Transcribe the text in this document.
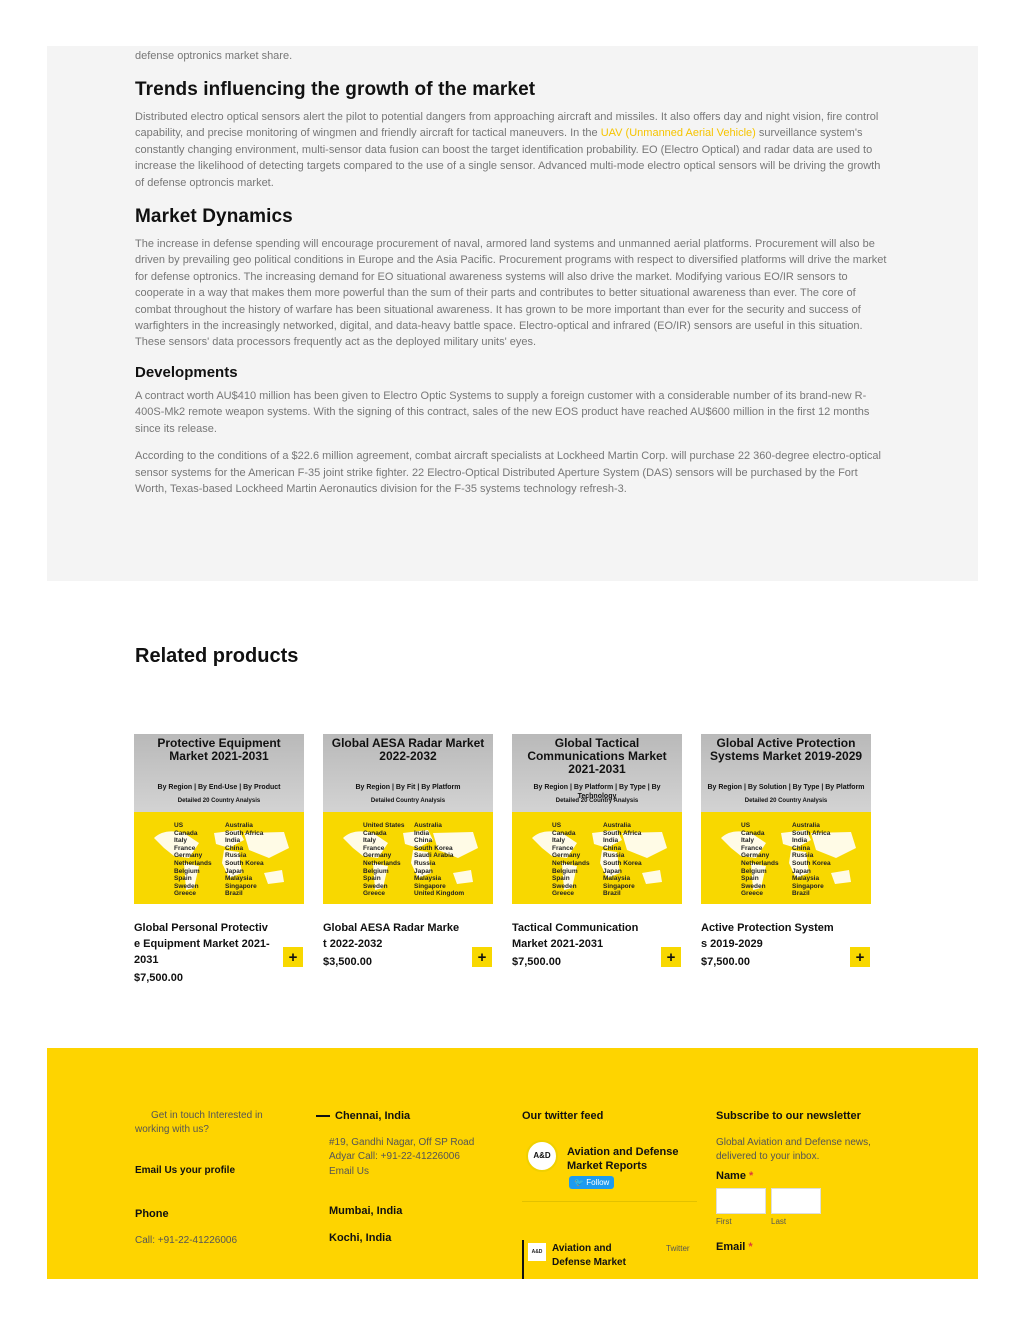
defense optronics market share.

Trends influencing the growth of the market

Distributed electro optical sensors alert the pilot to potential dangers from approaching aircraft and missiles. It also offers day and night vision, fire control capability, and precise monitoring of wingmen and friendly aircraft for tactical maneuvers. In the UAV (Unmanned Aerial Vehicle) surveillance system's constantly changing environment, multi-sensor data fusion can boost the target identification probability. EO (Electro Optical) and radar data are used to increase the likelihood of detecting targets compared to the use of a single sensor. Advanced multi-mode electro optical sensors will be driving the growth of defense optroncis market.

Market Dynamics

The increase in defense spending will encourage procurement of naval, armored land systems and unmanned aerial platforms. Procurement will also be driven by prevailing geo political conditions in Europe and the Asia Pacific. Procurement programs with respect to diversified platforms will drive the market for defense optronics. The increasing demand for EO situational awareness systems will also drive the market. Modifying various EO/IR sensors to cooperate in a way that makes them more powerful than the sum of their parts and contributes to better situational awareness than ever. The core of combat throughout the history of warfare has been situational awareness. It has grown to be more important than ever for the security and success of warfighters in the increasingly networked, digital, and data-heavy battle space. Electro-optical and infrared (EO/IR) sensors are useful in this situation. These sensors' data processors frequently act as the deployed military units' eyes.

Developments

A contract worth AU$410 million has been given to Electro Optic Systems to supply a foreign customer with a considerable number of its brand-new R-400S-Mk2 remote weapon systems. With the signing of this contract, sales of the new EOS product have reached AU$600 million in the first 12 months since its release.

According to the conditions of a $22.6 million agreement, combat aircraft specialists at Lockheed Martin Corp. will purchase 22 360-degree electro-optical sensor systems for the American F-35 joint strike fighter. 22 Electro-Optical Distributed Aperture System (DAS) sensors will be purchased by the Fort Worth, Texas-based Lockheed Martin Aeronautics division for the F-35 systems technology refresh-3.

Related products
Protective Equipment Market 2021-2031
By Region | By End-Use | By Product
Detailed 20 Country Analysis
US
Canada
Italy
France
Germany
Netherlands
Belgium
Spain
Sweden
Greece
Australia
South Africa
India
China
Russia
South Korea
Japan
Malaysia
Singapore
Brazil
Global Personal Protective Equipment Market 2021-2031
$7,500.00
+
Global AESA Radar Market 2022-2032
By Region | By Fit | By Platform
Detailed Country Analysis
United States
Canada
Italy
France
Germany
Netherlands
Belgium
Spain
Sweden
Greece
Australia
India
China
South Korea
Saudi Arabia
Russia
Japan
Malaysia
Singapore
United Kingdom
Global AESA Radar Market 2022-2032
$3,500.00	+
Global Tactical Communications Market 2021-2031
By Region | By Platform | By Type | By Technology
Detailed 20 Country Analysis
US
Canada
Italy
France
Germany
Netherlands
Belgium
Spain
Sweden
Greece
Australia
South Africa
India
China
Russia
South Korea
Japan
Malaysia
Singapore
Brazil
Tactical Communication Market 2021-2031
$7,500.00	+
Global Active Protection Systems Market 2019-2029
By Region | By Solution | By Type | By Platform
Detailed 20 Country Analysis
US
Canada
Italy
France
Germany
Netherlands
Belgium
Spain
Sweden
Greece
Australia
South Africa
India
China
Russia
South Korea
Japan
Malaysia
Singapore
Brazil
Active Protection Systems 2019-2029
$7,500.00	+

Get in touch Interested in working with us?

Email Us your profile

Phone

Call: +91-22-41226006

Chennai, India

#19, Gandhi Nagar, Off SP Road Adyar Call: +91-22-41226006

Email Us

Mumbai, India

Kochi, India

Our twitter feed

A&D	Aviation and Defense Market Reports
🐦 Follow
A&D Aviation and Defense Market
Twitter

Subscribe to our newsletter

Global Aviation and Defense news, delivered to your inbox.

Name *

First	Last

Email *
